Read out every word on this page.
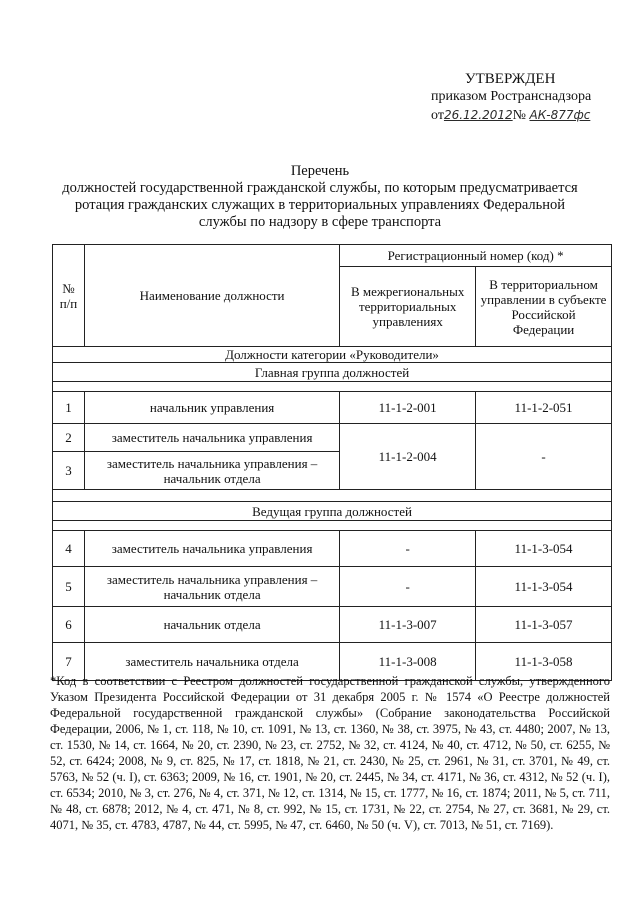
УТВЕРЖДЕН
приказом Ространснадзора
от26.12.2012№ АК-877фс
Перечень
должностей государственной гражданской службы, по которым предусматривается
ротация гражданских служащих в территориальных управлениях Федеральной
службы по надзору в сфере транспорта
№ п/п	Наименование должности	Регистрационный номер (код) *	
		В межрегиональных территориальных управлениях	В территориальном управлении в субъекте Российской Федерации
Должности категории «Руководители»			
Главная группа должностей			

1	начальник управления	11-1-2-001	11-1-2-051
2	заместитель начальника управления	11-1-2-004	-
3	заместитель начальника управления – начальник отдела		

Ведущая группа должностей			

4	заместитель начальника управления	-	11-1-3-054
5	заместитель начальника управления – начальник отдела	-	11-1-3-054
6	начальник отдела	11-1-3-007	11-1-3-057
7	заместитель начальника отдела	11-1-3-008	11-1-3-058
*Код в соответствии с Реестром должностей государственной гражданской службы, утвержденного Указом Президента Российской Федерации от 31 декабря 2005 г. № 1574 «О Реестре должностей Федеральной государственной гражданской службы» (Собрание законодательства Российской Федерации, 2006, № 1, ст. 118, № 10, ст. 1091, № 13, ст. 1360, № 38, ст. 3975, № 43, ст. 4480; 2007, № 13, ст. 1530, № 14, ст. 1664, № 20, ст. 2390, № 23, ст. 2752, № 32, ст. 4124, № 40, ст. 4712, № 50, ст. 6255, № 52, ст. 6424; 2008, № 9, ст. 825, № 17, ст. 1818, № 21, ст. 2430, № 25, ст. 2961, № 31, ст. 3701, № 49, ст. 5763, № 52 (ч. I), ст. 6363; 2009, № 16, ст. 1901, № 20, ст. 2445, № 34, ст. 4171, № 36, ст. 4312, № 52 (ч. I), ст. 6534; 2010, № 3, ст. 276, № 4, ст. 371, № 12, ст. 1314, № 15, ст. 1777, № 16, ст. 1874; 2011, № 5, ст. 711, № 48, ст. 6878; 2012, № 4, ст. 471, № 8, ст. 992, № 15, ст. 1731, № 22, ст. 2754, № 27, ст. 3681, № 29, ст. 4071, № 35, ст. 4783, 4787, № 44, ст. 5995, № 47, ст. 6460, № 50 (ч. V), ст. 7013, № 51, ст. 7169).
